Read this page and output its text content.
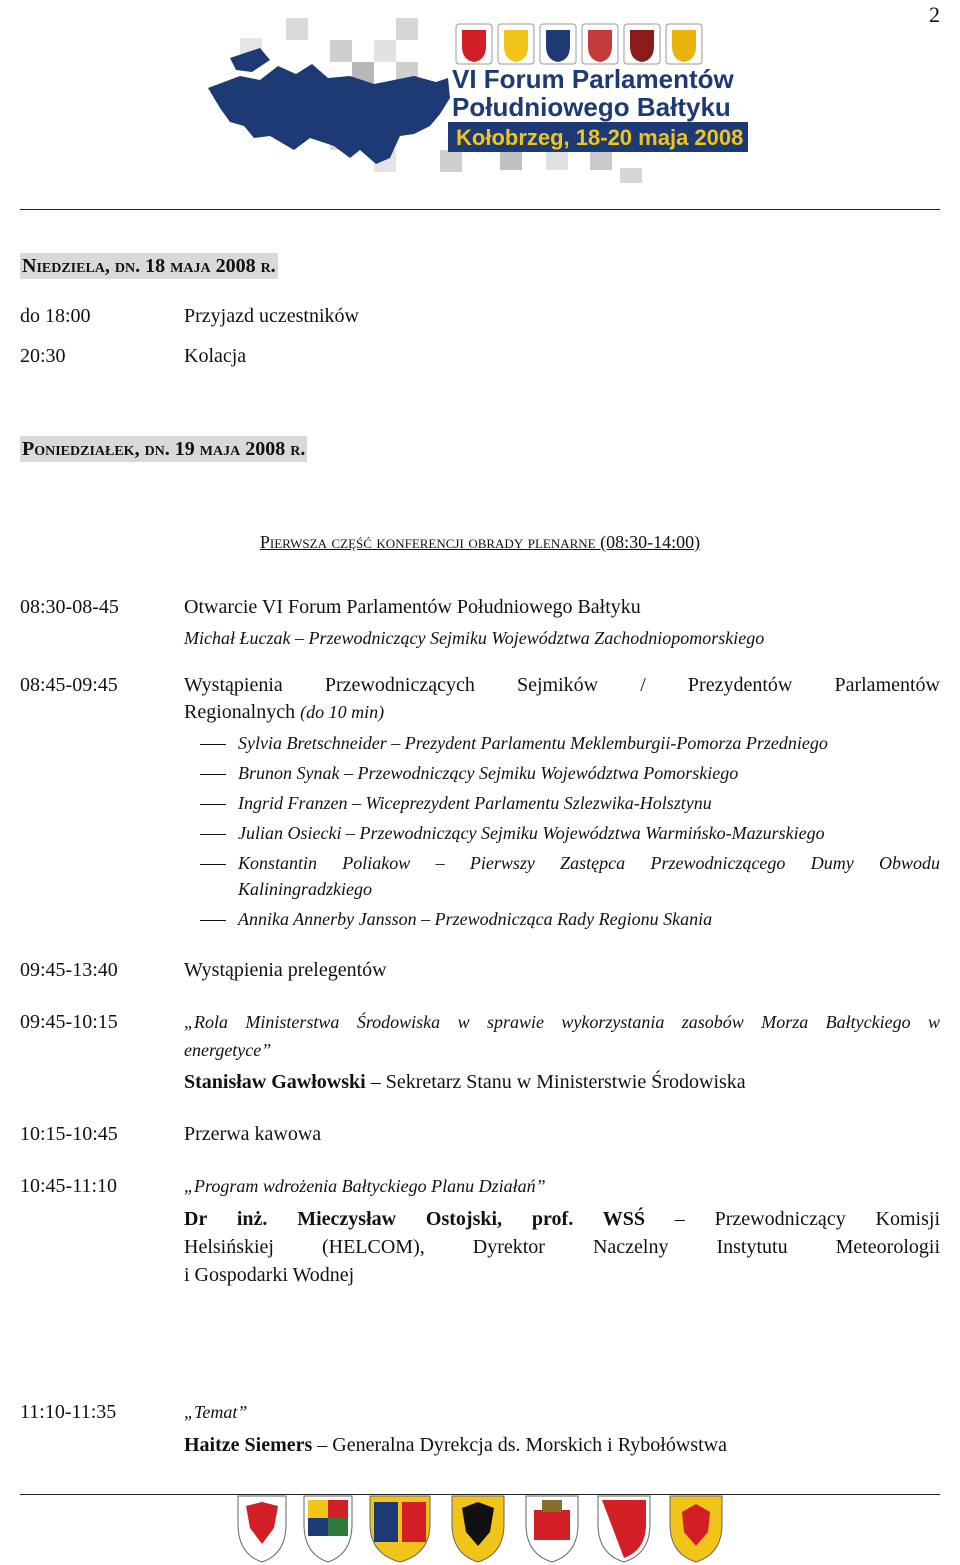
2
VI Forum Parlamentów
Południowego Bałtyku
Kołobrzeg, 18-20 maja 2008
Niedziela, dn. 18 maja 2008 r.
do 18:00	Przyjazd uczestników
20:30	Kolacja
Poniedziałek, dn. 19 maja 2008 r.
Pierwsza część konferencji obrady plenarne (08:30-14:00)
08:30-08-45	Otwarcie VI Forum Parlamentów Południowego Bałtyku
Michał Łuczak – Przewodniczący Sejmiku Województwa Zachodniopomorskiego
08:45-09:45	Wystąpienia Przewodniczących Sejmików / Prezydentów Parlamentów
Regionalnych (do 10 min)
Sylvia Bretschneider – Prezydent Parlamentu Meklemburgii-Pomorza Przedniego
Brunon Synak – Przewodniczący Sejmiku Województwa Pomorskiego
Ingrid Franzen – Wiceprezydent Parlamentu Szlezwika-Holsztynu
Julian Osiecki – Przewodniczący Sejmiku Województwa Warmińsko-Mazurskiego
Konstantin Poliakow – Pierwszy Zastępca Przewodniczącego Dumy Obwodu
Kaliningradzkiego
Annika Annerby Jansson – Przewodnicząca Rady Regionu Skania
09:45-13:40	Wystąpienia prelegentów
09:45-10:15	„Rola Ministerstwa Środowiska w sprawie wykorzystania zasobów Morza Bałtyckiego w
energetyce”
Stanisław Gawłowski – Sekretarz Stanu w Ministerstwie Środowiska
10:15-10:45	Przerwa kawowa
10:45-11:10	„Program wdrożenia Bałtyckiego Planu Działań”
Dr inż. Mieczysław Ostojski, prof. WSŚ – Przewodniczący Komisji
Helsińskiej (HELCOM), Dyrektor Naczelny Instytutu Meteorologii
i Gospodarki Wodnej
11:10-11:35	„Temat”
Haitze Siemers – Generalna Dyrekcja ds. Morskich i Rybołówstwa
